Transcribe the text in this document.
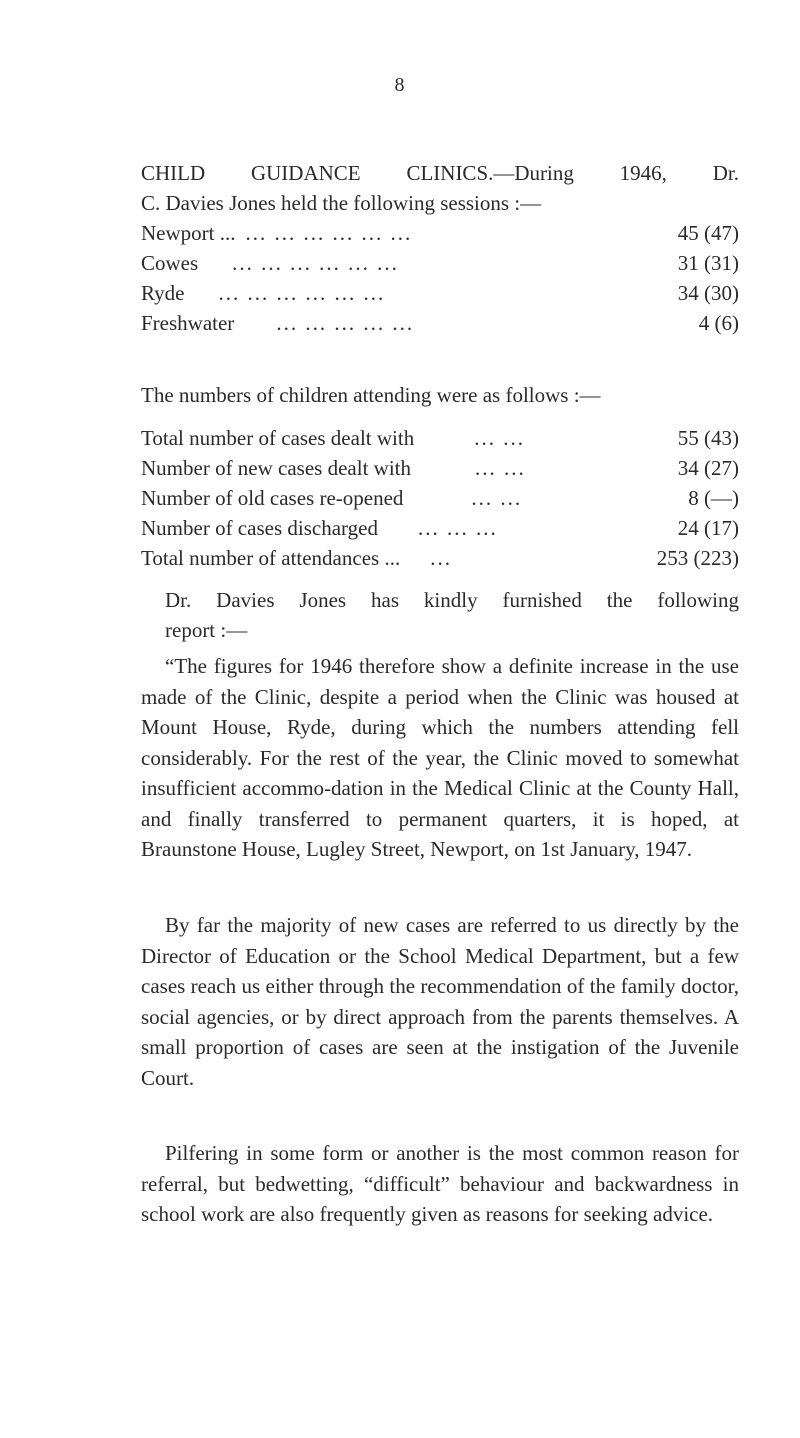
8
CHILD GUIDANCE CLINICS.—During 1946, Dr.
C. Davies Jones held the following sessions :—
Newport ... ... ... ... ... ... ...	45 (47)
Cowes	... ... ... ... ... ...	31 (31)
Ryde	... ... ... ... ... ...	34 (30)
Freshwater	... ... ... ... ...	4 (6)
The numbers of children attending were as follows :—
Total number of cases dealt with	... ...	55 (43)
Number of new cases dealt with	... ...	34 (27)
Number of old cases re-opened	... ...	8 (—)
Number of cases discharged	... ... ...	24 (17)
Total number of attendances ...	...	253 (223)
Dr. Davies Jones has kindly furnished the following
report :—
“The figures for 1946 therefore show a definite increase in the use made of the Clinic, despite a period when the Clinic was housed at Mount House, Ryde, during which the numbers attending fell considerably. For the rest of the year, the Clinic moved to somewhat insufficient accommo-dation in the Medical Clinic at the County Hall, and finally transferred to permanent quarters, it is hoped, at Braunstone House, Lugley Street, Newport, on 1st January, 1947.
By far the majority of new cases are referred to us directly by the Director of Education or the School Medical Department, but a few cases reach us either through the recommendation of the family doctor, social agencies, or by direct approach from the parents themselves. A small proportion of cases are seen at the instigation of the Juvenile Court.
Pilfering in some form or another is the most common reason for referral, but bedwetting, “difficult” behaviour and backwardness in school work are also frequently given as reasons for seeking advice.
